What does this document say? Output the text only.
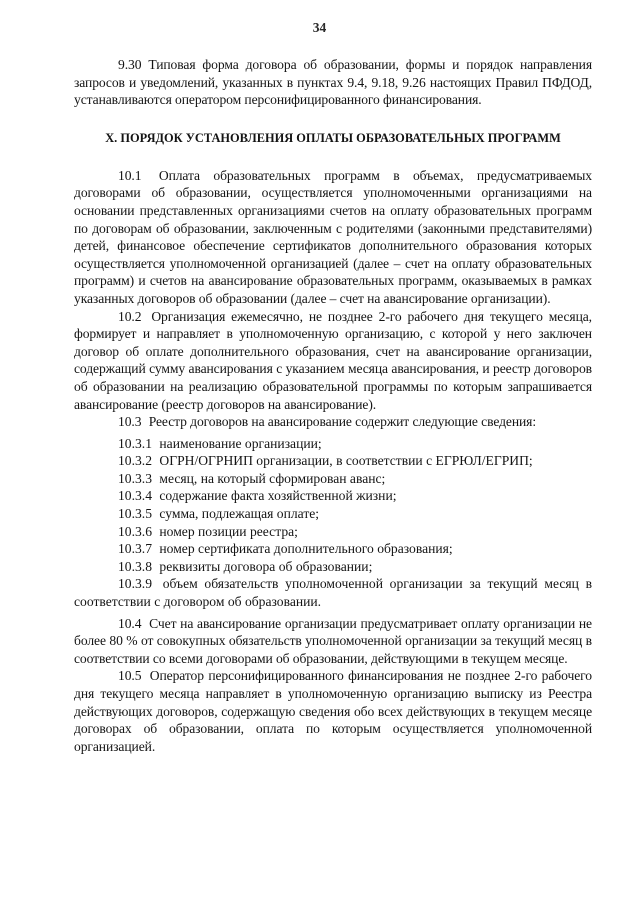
34

9.30 Типовая форма договора об образовании, формы и порядок направления запросов и уведомлений, указанных в пунктах 9.4, 9.18, 9.26 настоящих Правил ПФДОД, устанавливаются оператором персонифицированного финансирования.

X. ПОРЯДОК УСТАНОВЛЕНИЯ ОПЛАТЫ ОБРАЗОВАТЕЛЬНЫХ ПРОГРАММ

10.1 Оплата образовательных программ в объемах, предусматриваемых договорами об образовании, осуществляется уполномоченными организациями на основании представленных организациями счетов на оплату образовательных программ по договорам об образовании, заключенным с родителями (законными представителями) детей, финансовое обеспечение сертификатов дополнительного образования которых осуществляется уполномоченной организацией (далее – счет на оплату образовательных программ) и счетов на авансирование образовательных программ, оказываемых в рамках указанных договоров об образовании (далее – счет на авансирование организации).

10.2 Организация ежемесячно, не позднее 2-го рабочего дня текущего месяца, формирует и направляет в уполномоченную организацию, с которой у него заключен договор об оплате дополнительного образования, счет на авансирование организации, содержащий сумму авансирования с указанием месяца авансирования, и реестр договоров об образовании на реализацию образовательной программы по которым запрашивается авансирование (реестр договоров на авансирование).

10.3 Реестр договоров на авансирование содержит следующие сведения:

10.3.1 наименование организации;

10.3.2 ОГРН/ОГРНИП организации, в соответствии с ЕГРЮЛ/ЕГРИП;

10.3.3 месяц, на который сформирован аванс;

10.3.4 содержание факта хозяйственной жизни;

10.3.5 сумма, подлежащая оплате;

10.3.6 номер позиции реестра;

10.3.7 номер сертификата дополнительного образования;

10.3.8 реквизиты договора об образовании;

10.3.9 объем обязательств уполномоченной организации за текущий месяц в соответствии с договором об образовании.

10.4 Счет на авансирование организации предусматривает оплату организации не более 80 % от совокупных обязательств уполномоченной организации за текущий месяц в соответствии со всеми договорами об образовании, действующими в текущем месяце.

10.5 Оператор персонифицированного финансирования не позднее 2-го рабочего дня текущего месяца направляет в уполномоченную организацию выписку из Реестра действующих договоров, содержащую сведения обо всех действующих в текущем месяце договорах об образовании, оплата по которым осуществляется уполномоченной организацией.
